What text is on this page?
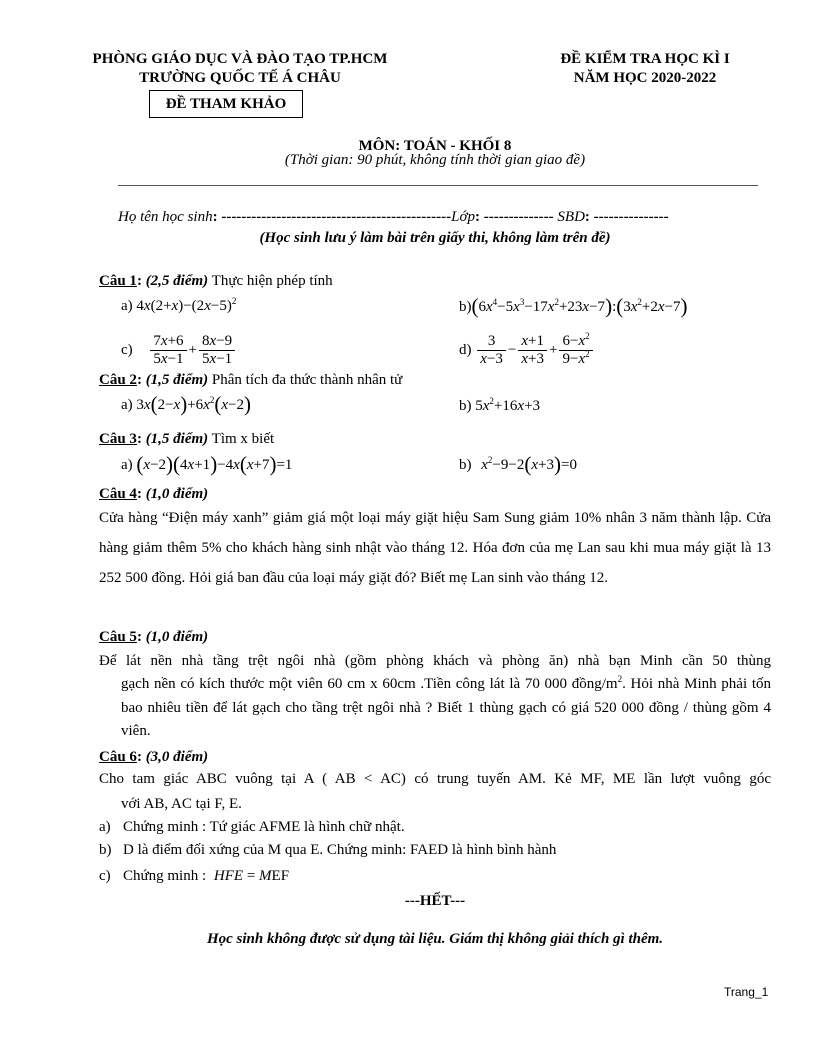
PHÒNG GIÁO DỤC VÀ ĐÀO TẠO TP.HCM
TRƯỜNG QUỐC TẾ Á CHÂU
ĐỀ KIỂM TRA HỌC KÌ I
NĂM HỌC 2020-2022
ĐỀ THAM KHẢO
MÔN: TOÁN - KHỐI 8
(Thời gian: 90 phút, không tính thời gian giao đề)
Họ tên học sinh: ----------------------------------------------Lớp: -------------- SBD: ---------------
(Học sinh lưu ý làm bài trên giấy thi, không làm trên đề)
Câu 1: (2,5 điểm) Thực hiện phép tính
a) $4x(2+x)-(2x-5)^2$	$b)(6x^4-5x^3-17x^2+23x-7):(3x^2+2x-7)$
$c) \frac{7x+6}{5x-1} + \frac{8x-9}{5x-1}$	$d) \frac{3}{x-3} - \frac{x+1}{x+3} + \frac{6-x^2}{9-x^2}$
Câu 2: (1,5 điểm) Phân tích đa thức thành nhân tử
a) $3x(2-x)+6x^2(x-2)$	b) $5x^2+16x+3$
Câu 3: (1,5 điểm) Tìm x biết
a) (x−2)(4x+1)−4x(x+7)=1	b) $x^2-9-2(x+3)=0$
Câu 4: (1,0 điểm)
Cửa hàng “Điện máy xanh” giảm giá một loại máy giặt hiệu Sam Sung giảm 10% nhân 3 năm thành lập. Cửa hàng giảm thêm 5% cho khách hàng sinh nhật vào tháng 12. Hóa đơn của mẹ Lan sau khi mua máy giặt là 13 252 500 đồng. Hỏi giá ban đầu của loại máy giặt đó? Biết mẹ Lan sinh vào tháng 12.
Câu 5: (1,0 điểm)
Để lát nền nhà tầng trệt ngôi nhà (gồm phòng khách và phòng ăn) nhà bạn Minh cần 50 thùng
gạch nền có kích thước một viên 60 cm x 60cm .Tiền công lát là 70 000 đồng/$m^2$. Hỏi nhà Minh phải tốn bao nhiêu tiền để lát gạch cho tầng trệt ngôi nhà ? Biết 1 thùng gạch có giá 520 000 đồng / thùng gồm 4 viên.
Câu 6: (3,0 điểm)
Cho tam giác ABC vuông tại A ( AB < AC) có trung tuyến AM. Kẻ MF, ME lần lượt vuông góc
với AB, AC tại F, E.
a) Chứng minh : Tứ giác AFME là hình chữ nhật.
b) D là điểm đối xứng của M qua E. Chứng minh: FAED là hình bình hành
c) Chứng minh : HFE = MEF
---HẾT---
Học sinh không được sử dụng tài liệu. Giám thị không giải thích gì thêm.
Trang_1
